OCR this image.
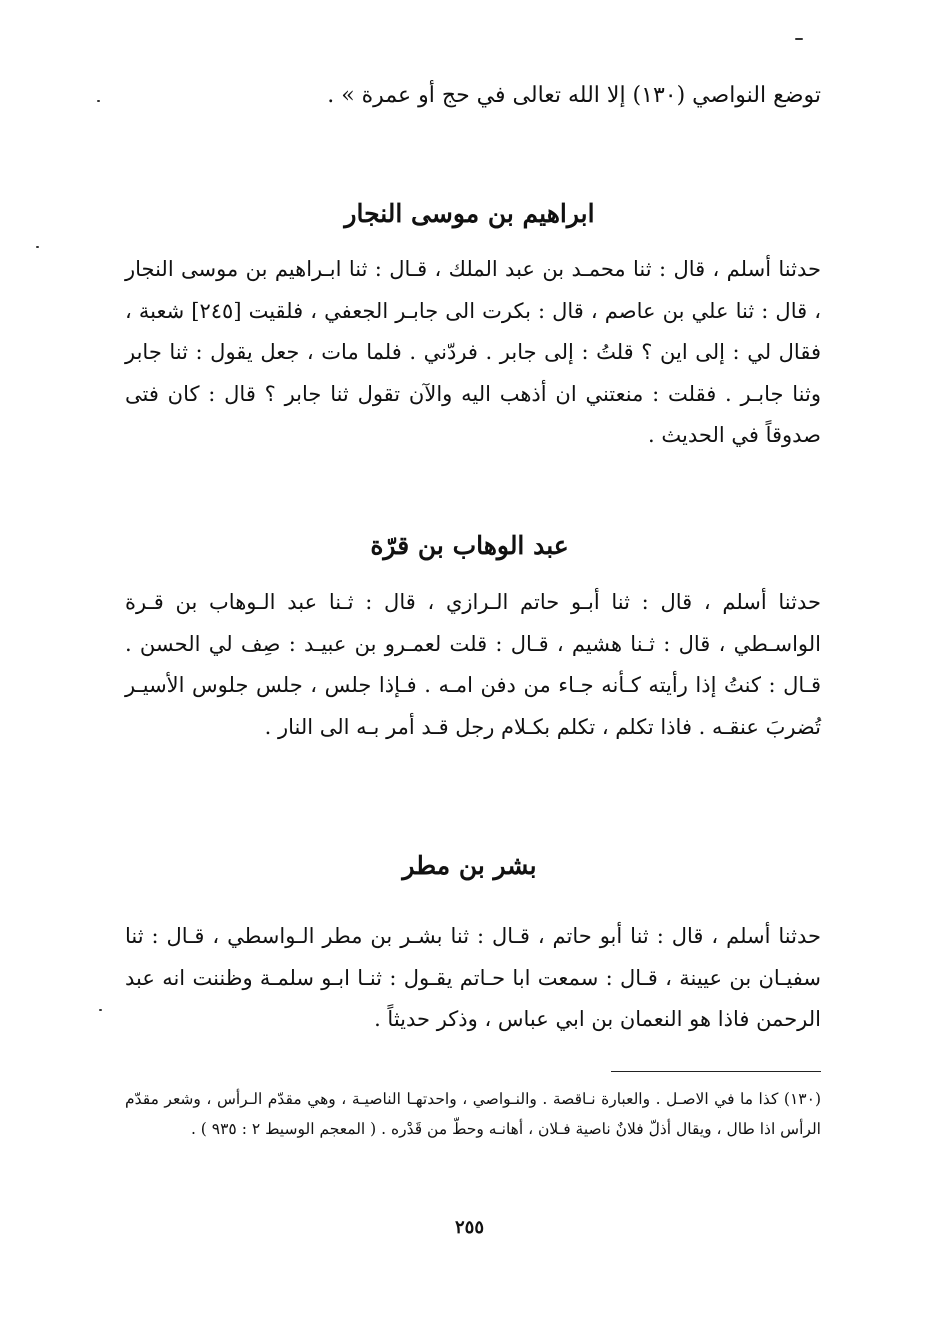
توضع النواصي (١٣٠) إلا الله تعالى في حج أو عمرة » .
ابراهيم بن موسى النجار
حدثنا أسلم ، قال : ثنا محمـد بن عبد الملك ، قـال : ثنا ابـراهيم بن موسى النجار ، قال : ثنا علي بن عاصم ، قال : بكرت الى جابـر الجعفي ، فلقيت [٢٤٥] شعبة ، فقال لي : إلى اين ؟ قلتُ : إلى جابر . فردّني . فلما مات ، جعل يقول : ثنا جابر وثنا جابـر . فقلت : منعتني ان أذهب اليه والآن تقول ثنا جابر ؟ قال : كان فتى صدوقاً في الحديث .
عبد الوهاب بن قرّة
حدثنا أسلم ، قال : ثنا أبـو حاتم الـرازي ، قال : ثـنا عبد الـوهاب بن قـرة الواسـطي ، قال : ثـنا هشيم ، قـال : قلت لعمـرو بن عبيـد : صِف لي الحسن . قـال : كنتُ إذا رأيته كـأنه جـاء من دفن امـه . فـإذا جلس ، جلس جلوس الأسيـر تُضربَ عنقـه . فاذا تكلم ، تكلم بكـلام رجل قـد أمر بـه الى النار .
بشر بن مطر
حدثنا أسلم ، قال : ثنا أبو حاتم ، قـال : ثنا بشـر بن مطر الـواسطي ، قـال : ثنا سفيـان بن عيينة ، قـال : سمعت ابا حـاتم يقـول : ثنـا ابـو سلمـة وظننت انه عبد الرحمن فاذا هو النعمان بن ابي عباس ، وذكر حديثاً .
(١٣٠) كذا ما في الاصـل . والعبارة نـاقصة . والنـواصي ، واحدتهـا الناصيـة ، وهي مقدّم الـرأس ، وشعر مقدّم الرأس اذا طال ، ويقال أذلّ فلانٌ ناصية فـلان ، أهانـه وحطّ من قَدْره . ( المعجم الوسيط ٢ : ٩٣٥ ) .
٢٥٥
